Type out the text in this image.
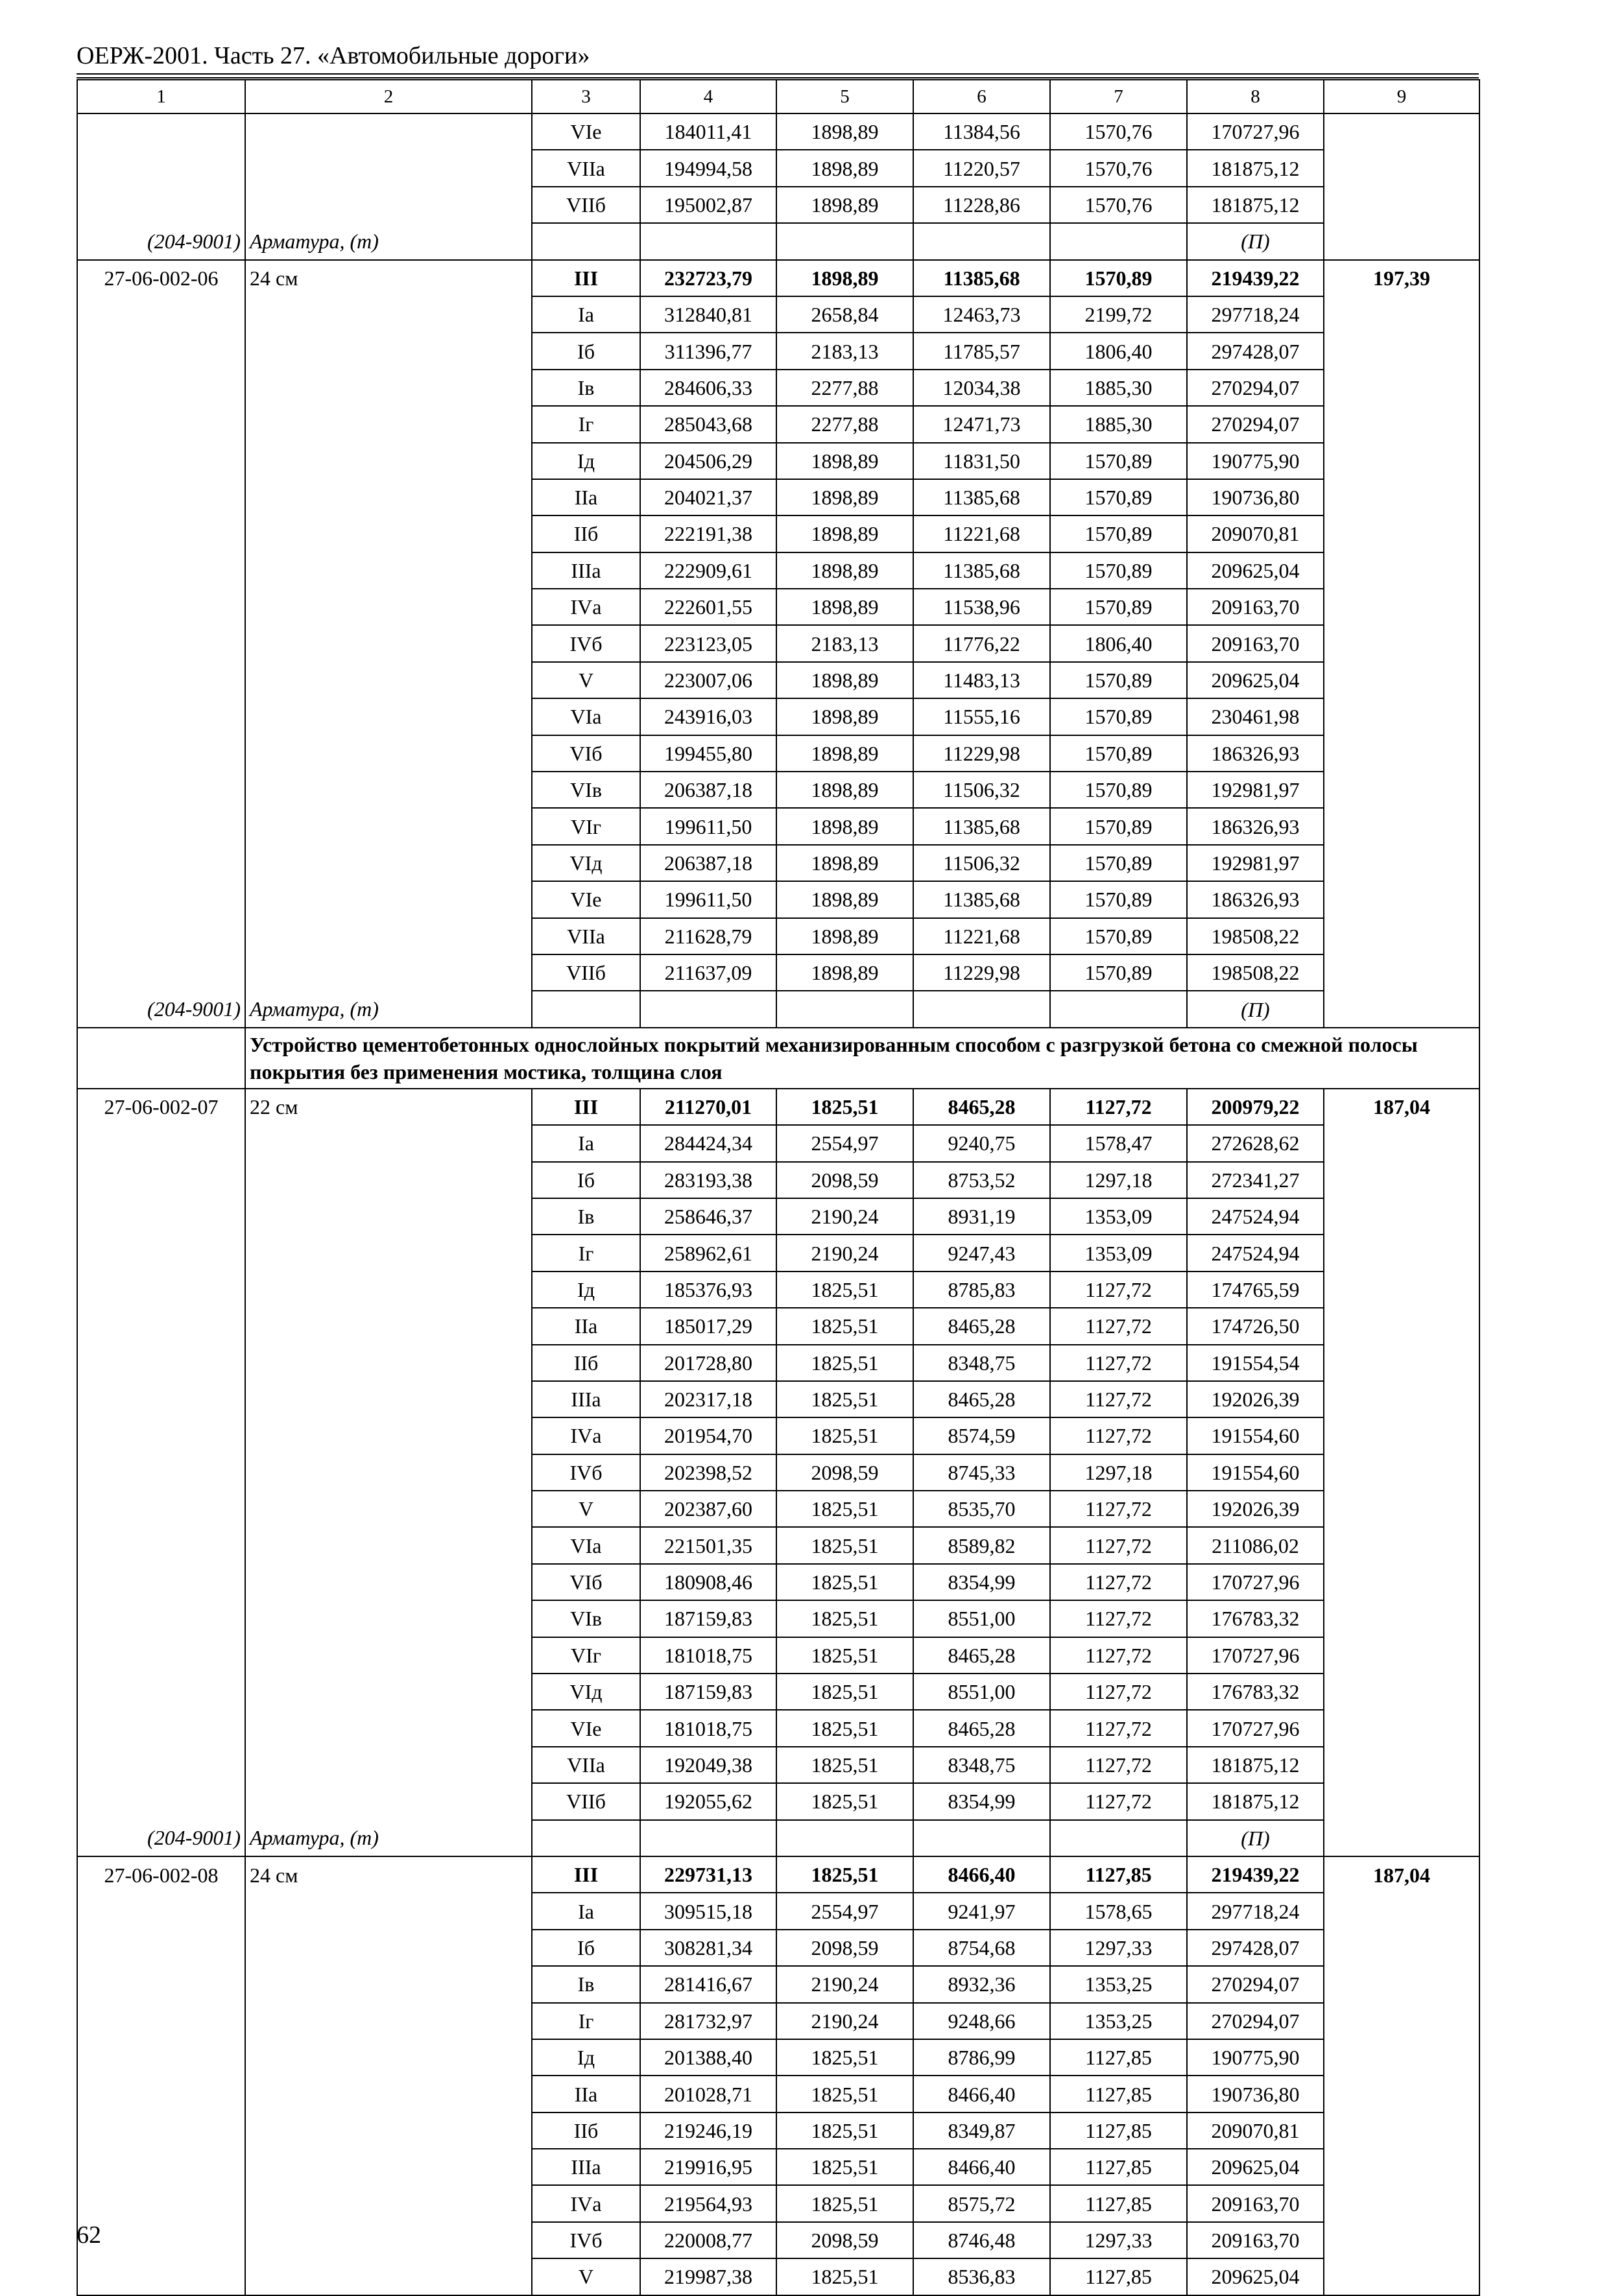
ОЕРЖ-2001. Часть 27. «Автомобильные дороги»
1	2	3	4	5	6	7	8	9
		VIе	184011,41	1898,89	11384,56	1570,76	170727,96	
		VIIа	194994,58	1898,89	11220,57	1570,76	181875,12	
		VIIб	195002,87	1898,89	11228,86	1570,76	181875,12	
(204-9001)	Арматура, (т)						(П)	
27-06-002-06	24 см	III	232723,79	1898,89	11385,68	1570,89	219439,22	197,39
		Iа	312840,81	2658,84	12463,73	2199,72	297718,24	
		Iб	311396,77	2183,13	11785,57	1806,40	297428,07	
		Iв	284606,33	2277,88	12034,38	1885,30	270294,07	
		Iг	285043,68	2277,88	12471,73	1885,30	270294,07	
		Iд	204506,29	1898,89	11831,50	1570,89	190775,90	
		IIа	204021,37	1898,89	11385,68	1570,89	190736,80	
		IIб	222191,38	1898,89	11221,68	1570,89	209070,81	
		IIIа	222909,61	1898,89	11385,68	1570,89	209625,04	
		IVа	222601,55	1898,89	11538,96	1570,89	209163,70	
		IVб	223123,05	2183,13	11776,22	1806,40	209163,70	
		V	223007,06	1898,89	11483,13	1570,89	209625,04	
		VIа	243916,03	1898,89	11555,16	1570,89	230461,98	
		VIб	199455,80	1898,89	11229,98	1570,89	186326,93	
		VIв	206387,18	1898,89	11506,32	1570,89	192981,97	
		VIг	199611,50	1898,89	11385,68	1570,89	186326,93	
		VIд	206387,18	1898,89	11506,32	1570,89	192981,97	
		VIе	199611,50	1898,89	11385,68	1570,89	186326,93	
		VIIа	211628,79	1898,89	11221,68	1570,89	198508,22	
		VIIб	211637,09	1898,89	11229,98	1570,89	198508,22	
(204-9001)	Арматура, (т)						(П)	
	Устройство цементобетонных однослойных покрытий механизированным способом с разгрузкой бетона со смежной полосы покрытия без применения мостика, толщина слоя							
27-06-002-07	22 см	III	211270,01	1825,51	8465,28	1127,72	200979,22	187,04
		Iа	284424,34	2554,97	9240,75	1578,47	272628,62	
		Iб	283193,38	2098,59	8753,52	1297,18	272341,27	
		Iв	258646,37	2190,24	8931,19	1353,09	247524,94	
		Iг	258962,61	2190,24	9247,43	1353,09	247524,94	
		Iд	185376,93	1825,51	8785,83	1127,72	174765,59	
		IIа	185017,29	1825,51	8465,28	1127,72	174726,50	
		IIб	201728,80	1825,51	8348,75	1127,72	191554,54	
		IIIа	202317,18	1825,51	8465,28	1127,72	192026,39	
		IVа	201954,70	1825,51	8574,59	1127,72	191554,60	
		IVб	202398,52	2098,59	8745,33	1297,18	191554,60	
		V	202387,60	1825,51	8535,70	1127,72	192026,39	
		VIа	221501,35	1825,51	8589,82	1127,72	211086,02	
		VIб	180908,46	1825,51	8354,99	1127,72	170727,96	
		VIв	187159,83	1825,51	8551,00	1127,72	176783,32	
		VIг	181018,75	1825,51	8465,28	1127,72	170727,96	
		VIд	187159,83	1825,51	8551,00	1127,72	176783,32	
		VIе	181018,75	1825,51	8465,28	1127,72	170727,96	
		VIIа	192049,38	1825,51	8348,75	1127,72	181875,12	
		VIIб	192055,62	1825,51	8354,99	1127,72	181875,12	
(204-9001)	Арматура, (т)						(П)	
27-06-002-08	24 см	III	229731,13	1825,51	8466,40	1127,85	219439,22	187,04
		Iа	309515,18	2554,97	9241,97	1578,65	297718,24	
		Iб	308281,34	2098,59	8754,68	1297,33	297428,07	
		Iв	281416,67	2190,24	8932,36	1353,25	270294,07	
		Iг	281732,97	2190,24	9248,66	1353,25	270294,07	
		Iд	201388,40	1825,51	8786,99	1127,85	190775,90	
		IIа	201028,71	1825,51	8466,40	1127,85	190736,80	
		IIб	219246,19	1825,51	8349,87	1127,85	209070,81	
		IIIа	219916,95	1825,51	8466,40	1127,85	209625,04	
		IVа	219564,93	1825,51	8575,72	1127,85	209163,70	
		IVб	220008,77	2098,59	8746,48	1297,33	209163,70	
		V	219987,38	1825,51	8536,83	1127,85	209625,04	
62
